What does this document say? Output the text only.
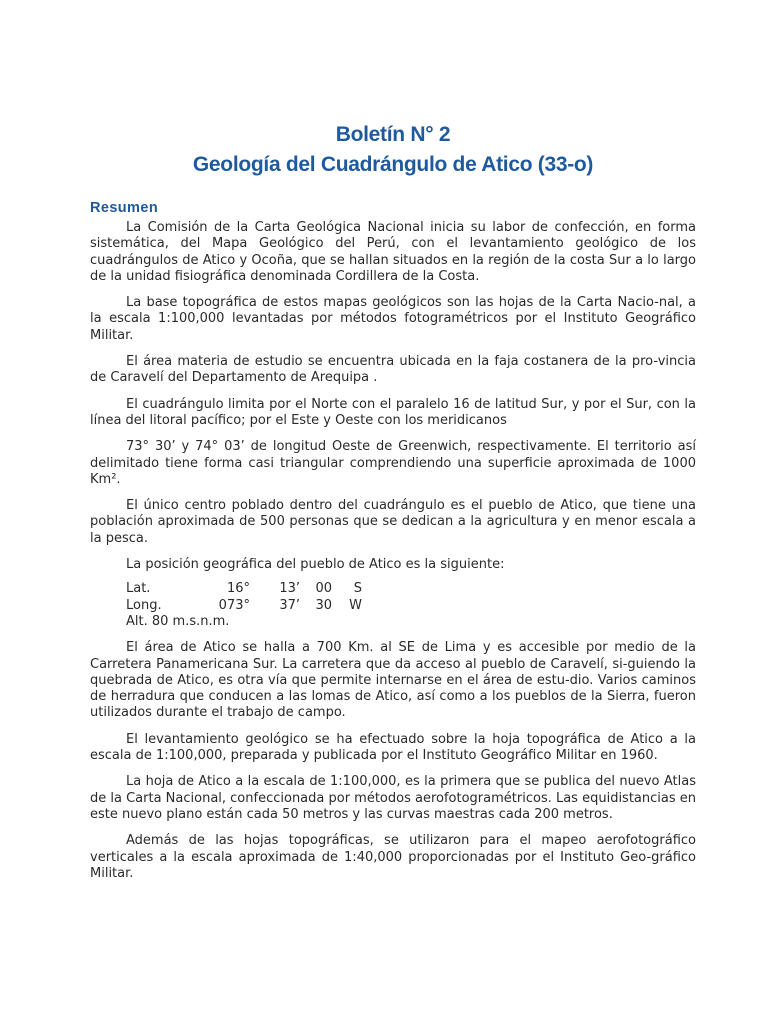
Boletín N° 2
Geología del Cuadrángulo de Atico (33-o)
Resumen

La Comisión de la Carta Geológica Nacional inicia su labor de confección, en forma sistemática, del Mapa Geológico del Perú, con el levantamiento geológico de los cuadrángulos de Atico y Ocoña, que se hallan situados en la región de la costa Sur a lo largo de la unidad fisiográfica denominada Cordillera de la Costa.

La base topográfica de estos mapas geológicos son las hojas de la Carta Nacio-nal, a la escala 1:100,000 levantadas por métodos fotogramétricos por el Instituto Geográfico Militar.

El área materia de estudio se encuentra ubicada en la faja costanera de la pro-vincia de Caravelí del Departamento de Arequipa .

El cuadrángulo limita por el Norte con el paralelo 16 de latitud Sur, y por el Sur, con la línea del litoral pacífico; por el Este y Oeste con los meridicanos

73° 30’ y 74° 03’ de longitud Oeste de Greenwich, respectivamente. El territorio así delimitado tiene forma casi triangular comprendiendo una superficie aproximada de 1000 Km².

El único centro poblado dentro del cuadrángulo es el pueblo de Atico, que tiene una población aproximada de 500 personas que se dedican a la agricultura y en menor escala a la pesca.

La posición geográfica del pueblo de Atico es la siguiente:

Lat.	16°	13’	00	S
Long.	073°	37’	30	W
Alt. 80 m.s.n.m.

El área de Atico se halla a 700 Km. al SE de Lima y es accesible por medio de la Carretera Panamericana Sur. La carretera que da acceso al pueblo de Caravelí, si-guiendo la quebrada de Atico, es otra vía que permite internarse en el área de estu-dio. Varios caminos de herradura que conducen a las lomas de Atico, así como a los pueblos de la Sierra, fueron utilizados durante el trabajo de campo.

El levantamiento geológico se ha efectuado sobre la hoja topográfica de Atico a la escala de 1:100,000, preparada y publicada por el Instituto Geográfico Militar en 1960.

La hoja de Atico a la escala de 1:100,000, es la primera que se publica del nuevo Atlas de la Carta Nacional, confeccionada por métodos aerofotogramétricos. Las equidistancias en este nuevo plano están cada 50 metros y las curvas maestras cada 200 metros.

Además de las hojas topográficas, se utilizaron para el mapeo aerofotográfico verticales a la escala aproximada de 1:40,000 proporcionadas por el Instituto Geo-gráfico Militar.
